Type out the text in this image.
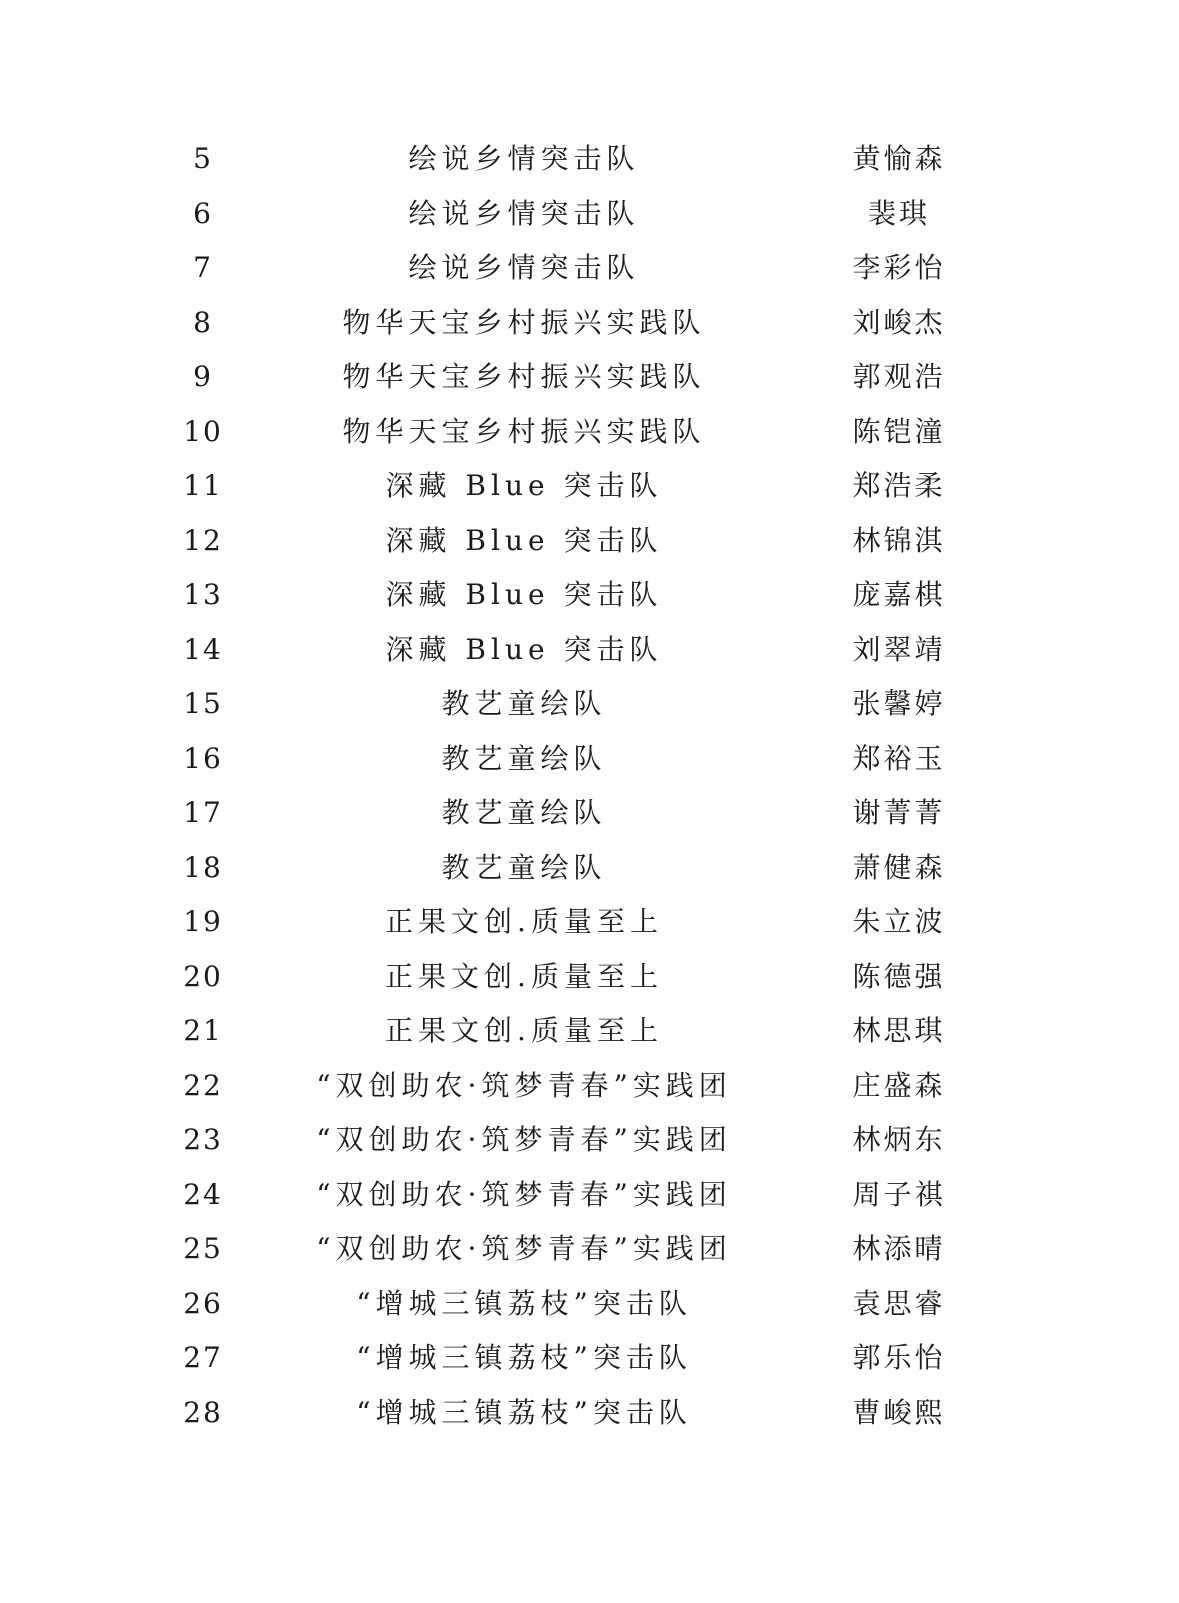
5	绘说乡情突击队	黄愉森
6	绘说乡情突击队	裴琪
7	绘说乡情突击队	李彩怡
8	物华天宝乡村振兴实践队	刘峻杰
9	物华天宝乡村振兴实践队	郭观浩
10	物华天宝乡村振兴实践队	陈铠潼
11	深藏 Blue 突击队	郑浩柔
12	深藏 Blue 突击队	林锦淇
13	深藏 Blue 突击队	庞嘉棋
14	深藏 Blue 突击队	刘翠靖
15	教艺童绘队	张馨婷
16	教艺童绘队	郑裕玉
17	教艺童绘队	谢菁菁
18	教艺童绘队	萧健森
19	正果文创.质量至上	朱立波
20	正果文创.质量至上	陈德强
21	正果文创.质量至上	林思琪
22	“双创助农·筑梦青春”实践团	庄盛森
23	“双创助农·筑梦青春”实践团	林炳东
24	“双创助农·筑梦青春”实践团	周子祺
25	“双创助农·筑梦青春”实践团	林添晴
26	“增城三镇荔枝”突击队	袁思睿
27	“增城三镇荔枝”突击队	郭乐怡
28	“增城三镇荔枝”突击队	曹峻熙
